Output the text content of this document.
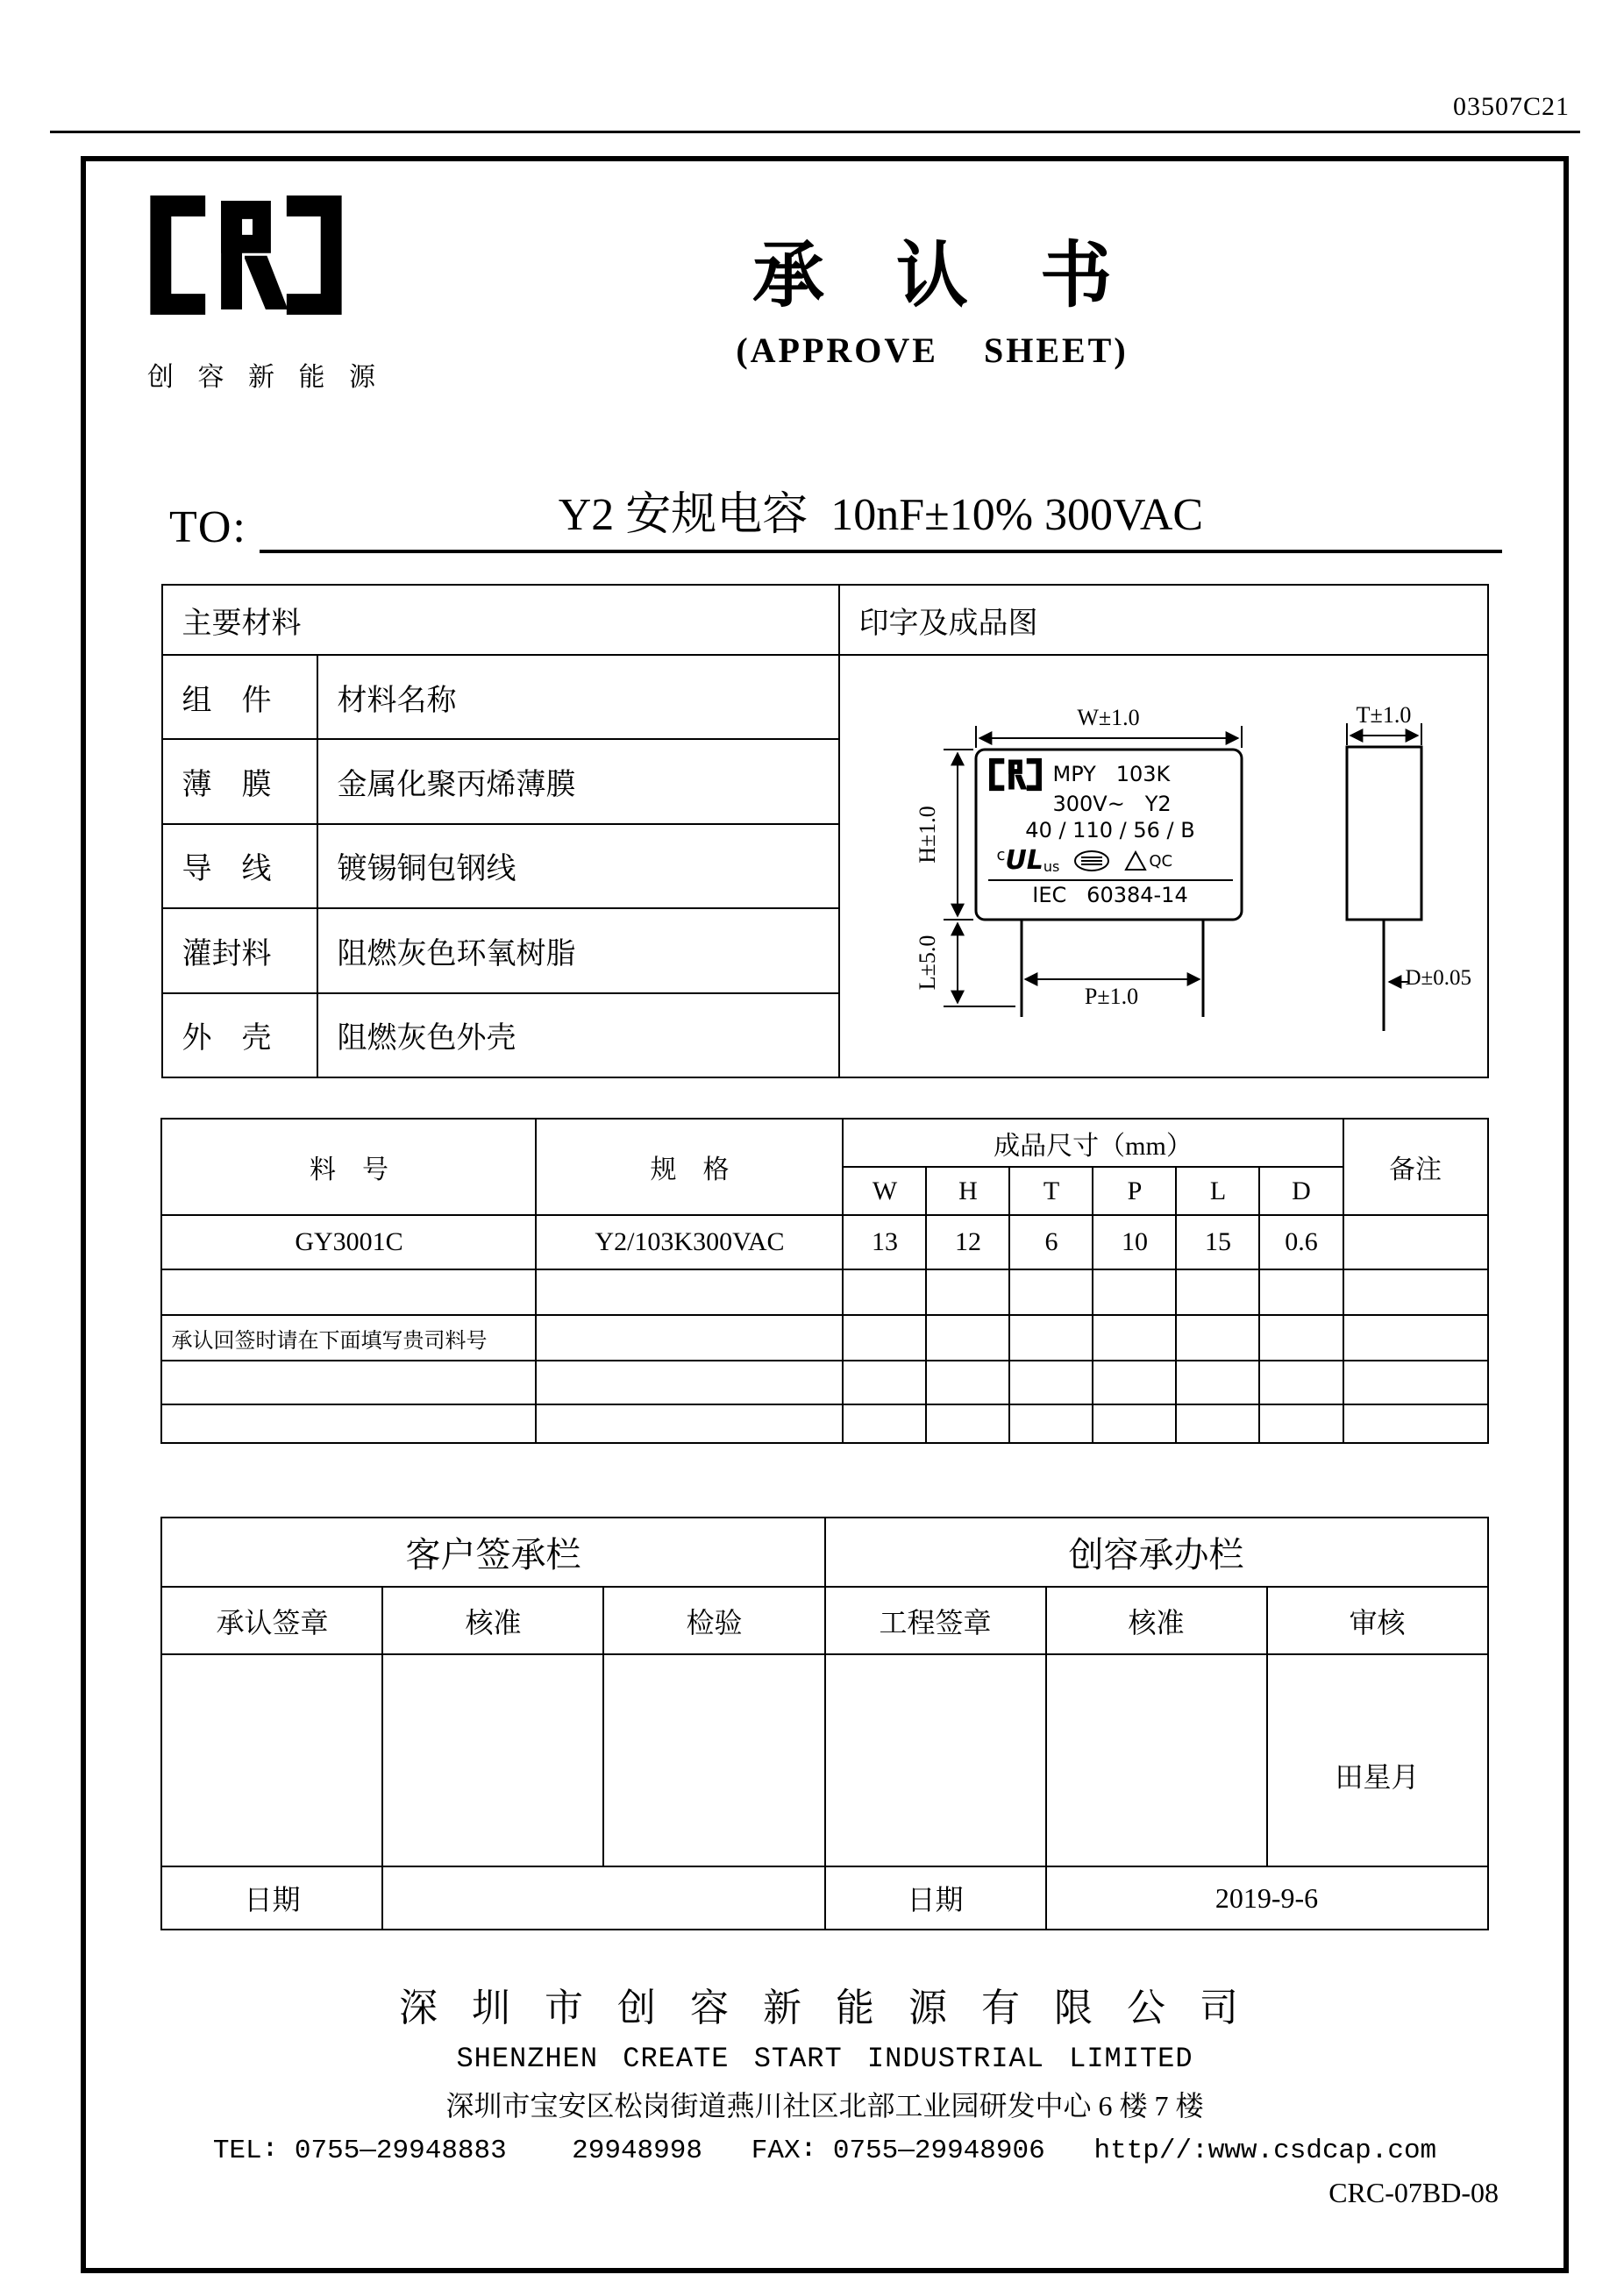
03507C21
创 容 新 能 源
承　认　书
(APPROVE    SHEET)
TO:	Y2 安规电容  10nF±10% 300VAC
主要材料		印字及成品图
组　件	材料名称	
W±1.0	T±1.0
H±1.0
L±5.0
P±1.0
D±0.05
MPY   103K
300V~   Y2
40 / 110 / 56 / B
c UL us	QC
IEC   60384-14

薄　膜	金属化聚丙烯薄膜	
导　线	镀锡铜包钢线	
灌封料	阻燃灰色环氧树脂	
外　壳	阻燃灰色外壳	
料　号	规　格	成品尺寸（mm）						备注
		W	H	T	P	L	D	
GY3001C	Y2/103K300VAC	13	12	6	10	15	0.6	

承认回签时请在下面填写贵司料号								

客户签承栏			创容承办栏		
承认签章	核准	检验	工程签章	核准	审核

					田星月

日期			日期	2019-9-6	
深 圳 市 创 容 新 能 源 有 限 公 司
SHENZHEN CREATE START INDUSTRIAL LIMITED
深圳市宝安区松岗街道燕川社区北部工业园研发中心 6 楼 7 楼
TEL∶ 0755—29948883    29948998   FAX∶ 0755—29948906   http//:www.csdcap.com
CRC-07BD-08
